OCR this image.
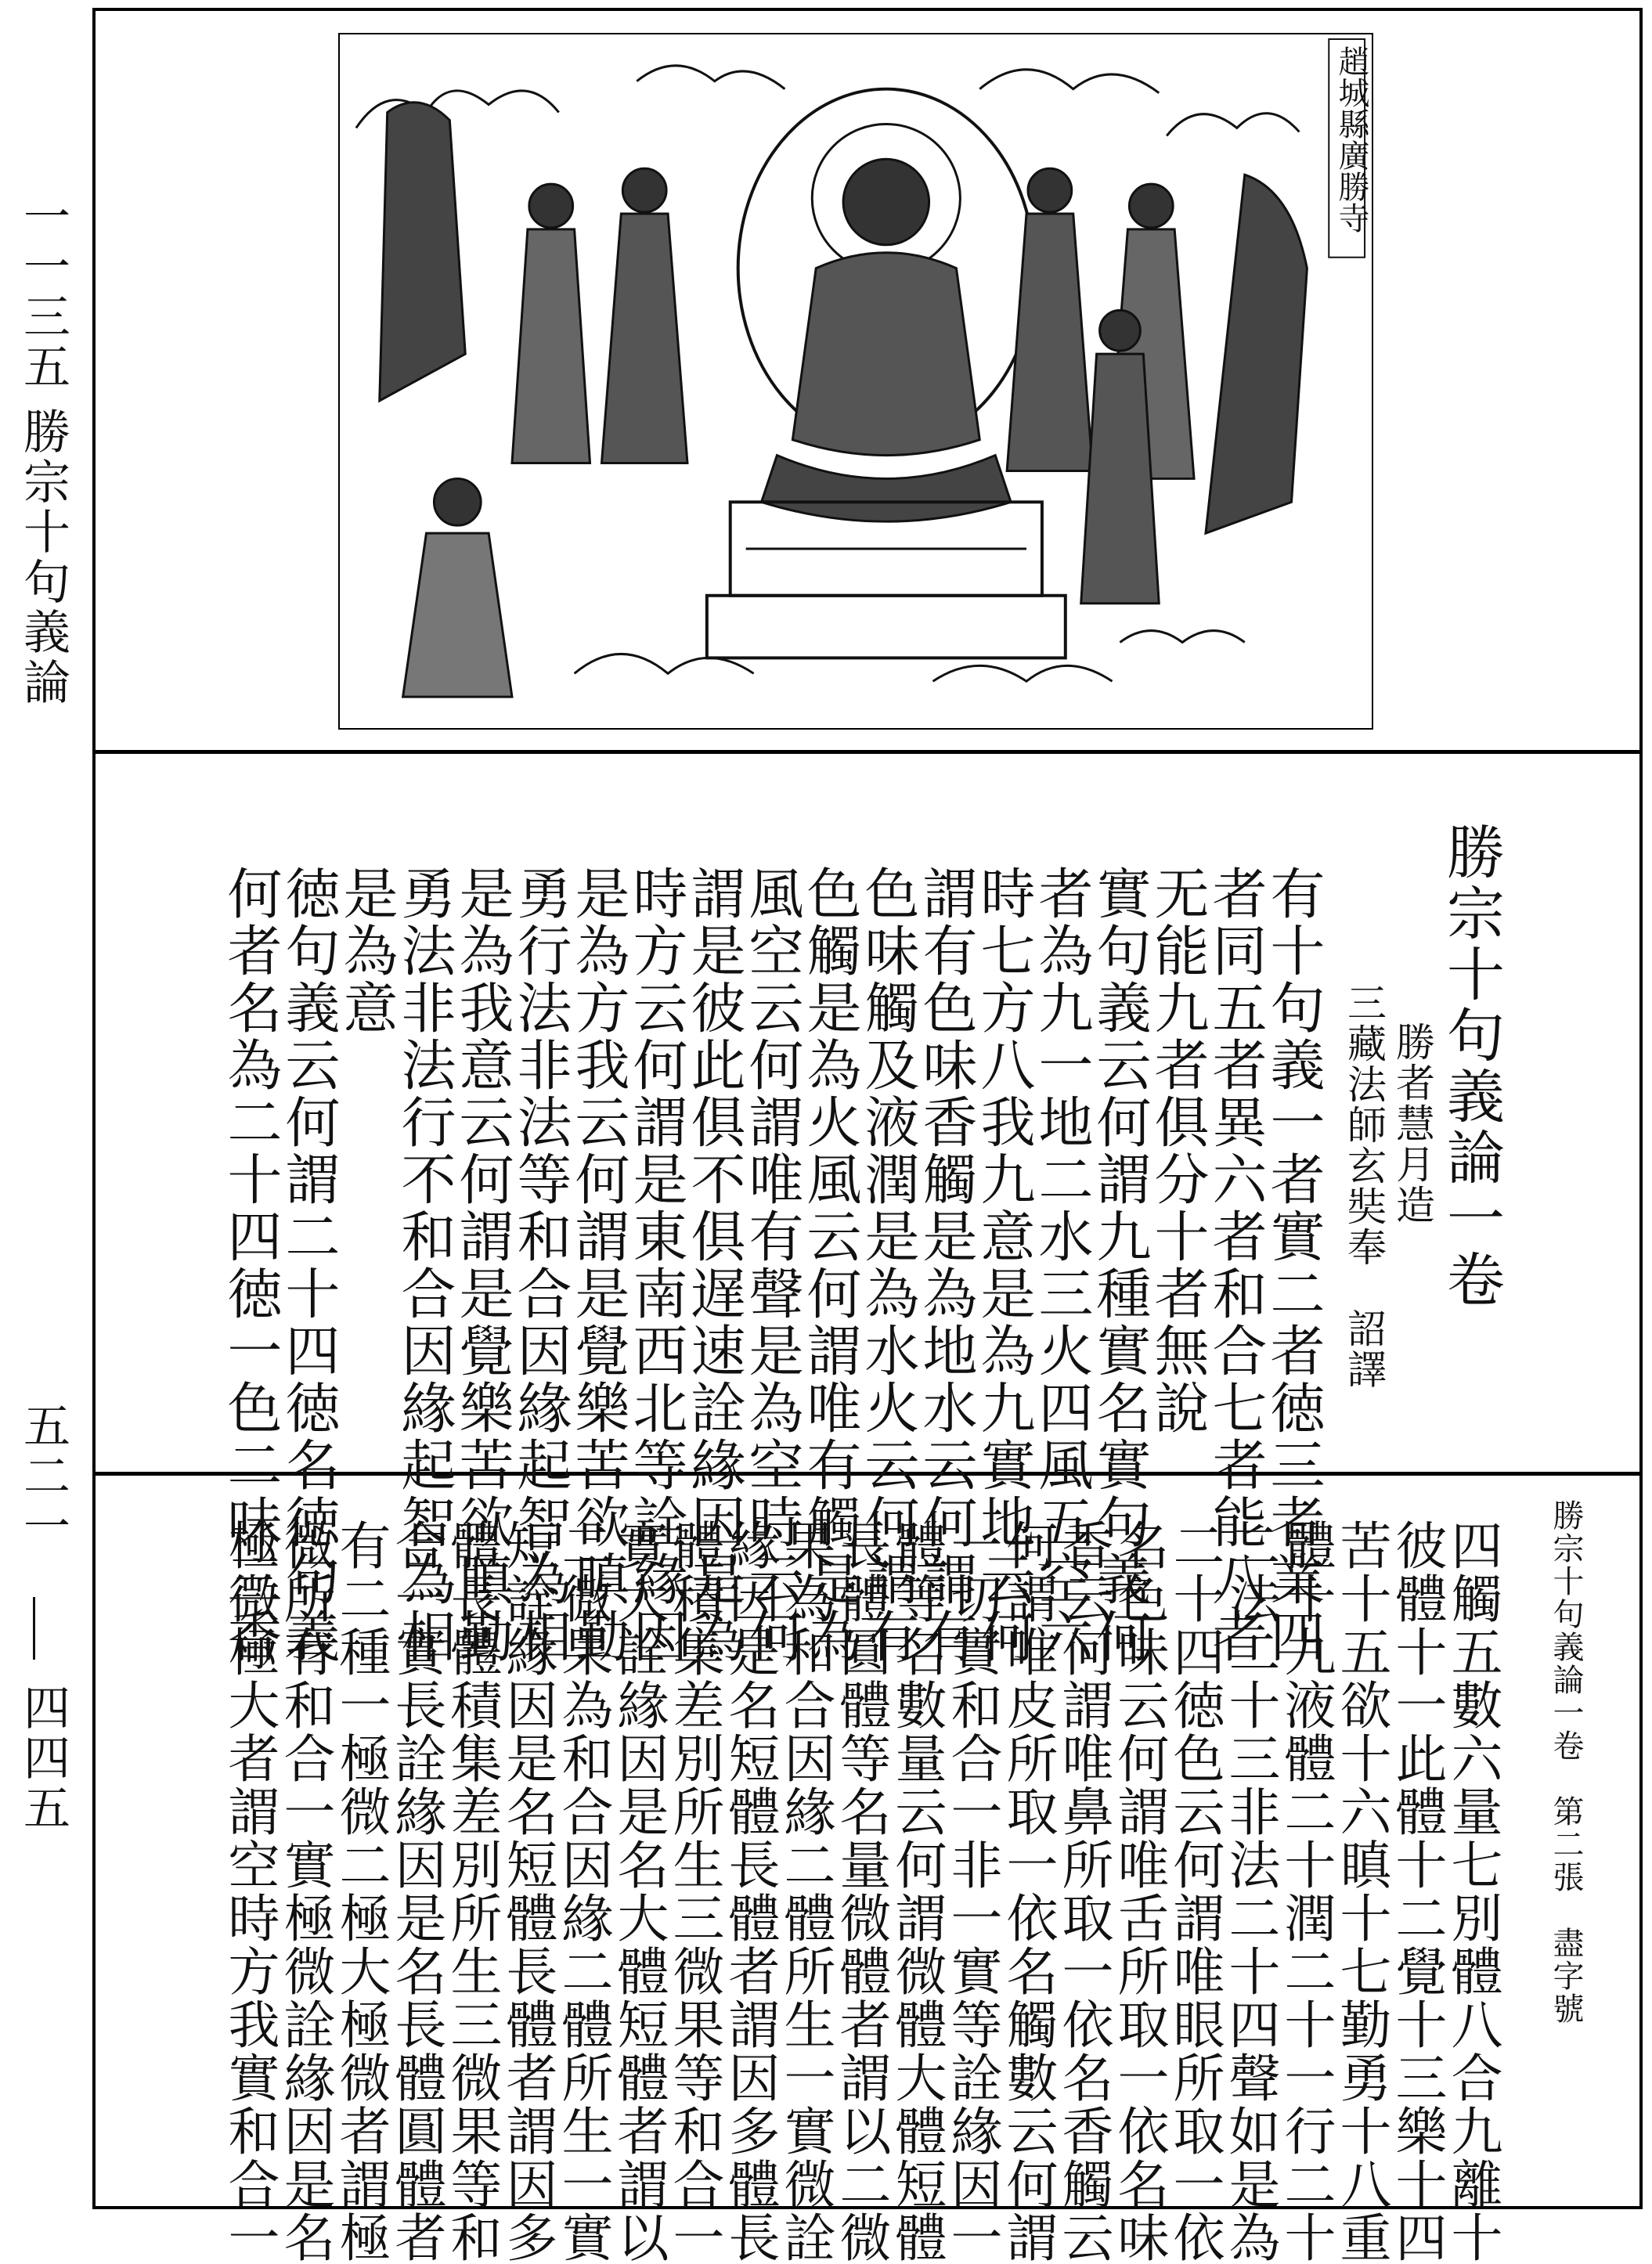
一一三五
勝宗十句義論
五二一
四四五
趙城縣廣勝寺
勝宗十句義論一卷
勝者慧月造
三藏法師玄奘奉　詔譯
有十句義一者實二者徳三者業四
者同五者異六者和合七者能八者
无能九者俱分十者無說
實句義云何謂九種實名實句義何
者為九一地二水三火四風五空六
時七方八我九意是為九實地云何
謂有色味香觸是為地水云何謂有
色味觸及液潤是為水火云何謂有
色觸是為火風云何謂唯有觸是為
風空云何謂唯有聲是為空時云何
謂是彼此俱不俱遅速詮緣因是為
時方云何謂是東南西北等詮緣因
是為方我云何謂是覺樂苦欲瞋勤
勇行法非法等和合因緣起智為相
是為我意云何謂是覺樂苦欲瞋勤
勇法非法行不和合因緣起智為相
是為意
徳句義云何謂二十四徳名徳句義
何者名為二十四徳一色二味三香
勝宗十句義論一卷　第二張　盡字號
四觸五數六量七別體八合九離十
彼體十一此體十二覺十三樂十四
苦十五欲十六瞋十七勤勇十八重
體十九液體二十潤二十一行二十
二法二十三非法二十四聲如是為
二十四徳色云何謂唯眼所取一依
名色味云何謂唯舌所取一依名味
香云何謂唯鼻所取一依名香觸云
何謂唯皮所取一依名觸數云何謂
一切實和合一非一實等詮緣因一
體等名數量云何謂微體大體短體
長體圓體等名量微體者謂以二微
果為和合因緣二體所生一實微詮
緣因是名短體長體者謂因多體長
體積集差別所生三微果等和合一
實大詮緣因是名大體短體者謂以
二微果為和合因緣二體所生一實
短詮緣因是名短體長體者謂因多
體長體積集差別所生三微果等和
合一實長詮緣因是名長體圓體者
有二種一極微二極大極微者謂極
微所有和合一實極微詮緣因是名
極微極大者謂空時方我實和合一
